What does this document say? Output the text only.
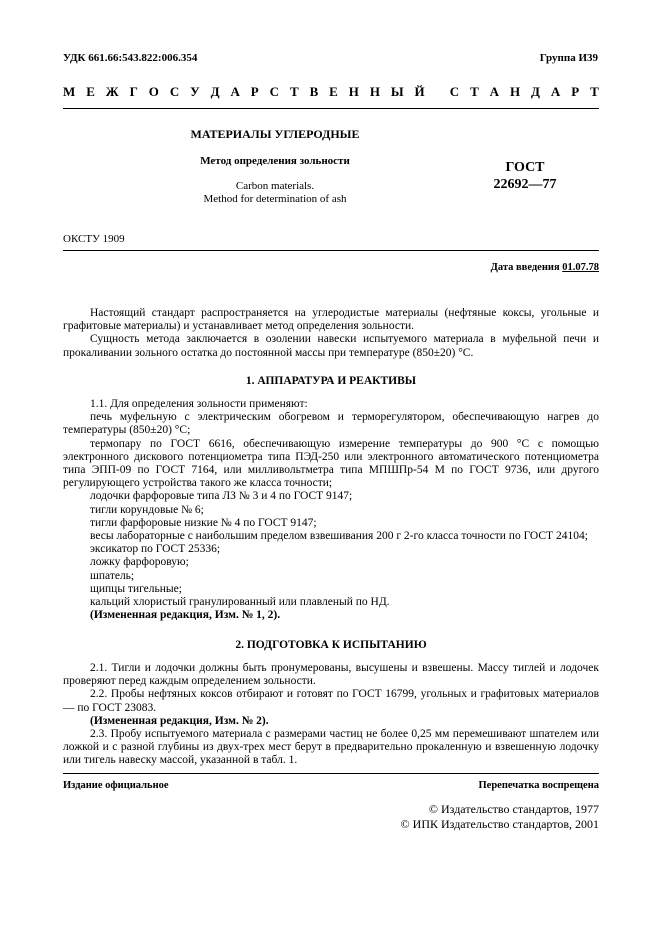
УДК 661.66:543.822:006.354	Группа И39
М Е Ж Г О С У Д А Р С Т В Е Н Н Ы Й
С Т А Н Д А Р Т
МАТЕРИАЛЫ УГЛЕРОДНЫЕ
Метод определения зольности
Carbon materials.
Method for determination of ash
ГОСТ
22692—77
ОКСТУ 1909
Дата введения 01.07.78

Настоящий стандарт распространяется на углеродистые материалы (нефтяные коксы, угольные и графитовые материалы) и устанавливает метод определения зольности.

Сущность метода заключается в озолении навески испытуемого материала в муфельной печи и прокаливании зольного остатка до постоянной массы при температуре (850±20) °С.

1. АППАРАТУРА И РЕАКТИВЫ

1.1. Для определения зольности применяют:

печь муфельную с электрическим обогревом и терморегулятором, обеспечивающую нагрев до температуры (850±20) °С;

термопару по ГОСТ 6616, обеспечивающую измерение температуры до 900 °С с помощью электронного дискового потенциометра типа ПЭД-250 или электронного автоматического потенциометра типа ЭПП-09 по ГОСТ 7164, или милливольтметра типа МПШПр-54 М по ГОСТ 9736, или другого регулирующего устройства такого же класса точности;

лодочки фарфоровые типа ЛЗ № 3 и 4 по ГОСТ 9147;

тигли корундовые № 6;

тигли фарфоровые низкие № 4 по ГОСТ 9147;

весы лабораторные с наибольшим пределом взвешивания 200 г 2-го класса точности по ГОСТ 24104;

эксикатор по ГОСТ 25336;

ложку фарфоровую;

шпатель;

щипцы тигельные;

кальций хлористый гранулированный или плавленый по НД.

(Измененная редакция, Изм. № 1, 2).

2. ПОДГОТОВКА К ИСПЫТАНИЮ

2.1. Тигли и лодочки должны быть пронумерованы, высушены и взвешены. Массу тиглей и лодочек проверяют перед каждым определением зольности.

2.2. Пробы нефтяных коксов отбирают и готовят по ГОСТ 16799, угольных и графитовых материалов — по ГОСТ 23083.

(Измененная редакция, Изм. № 2).

2.3. Пробу испытуемого материала с размерами частиц не более 0,25 мм перемешивают шпателем или ложкой и с разной глубины из двух-трех мест берут в предварительно прокаленную и взвешенную лодочку или тигель навеску массой, указанной в табл. 1.

Издание официальное	Перепечатка воспрещена
© Издательство стандартов, 1977
© ИПК Издательство стандартов, 2001
